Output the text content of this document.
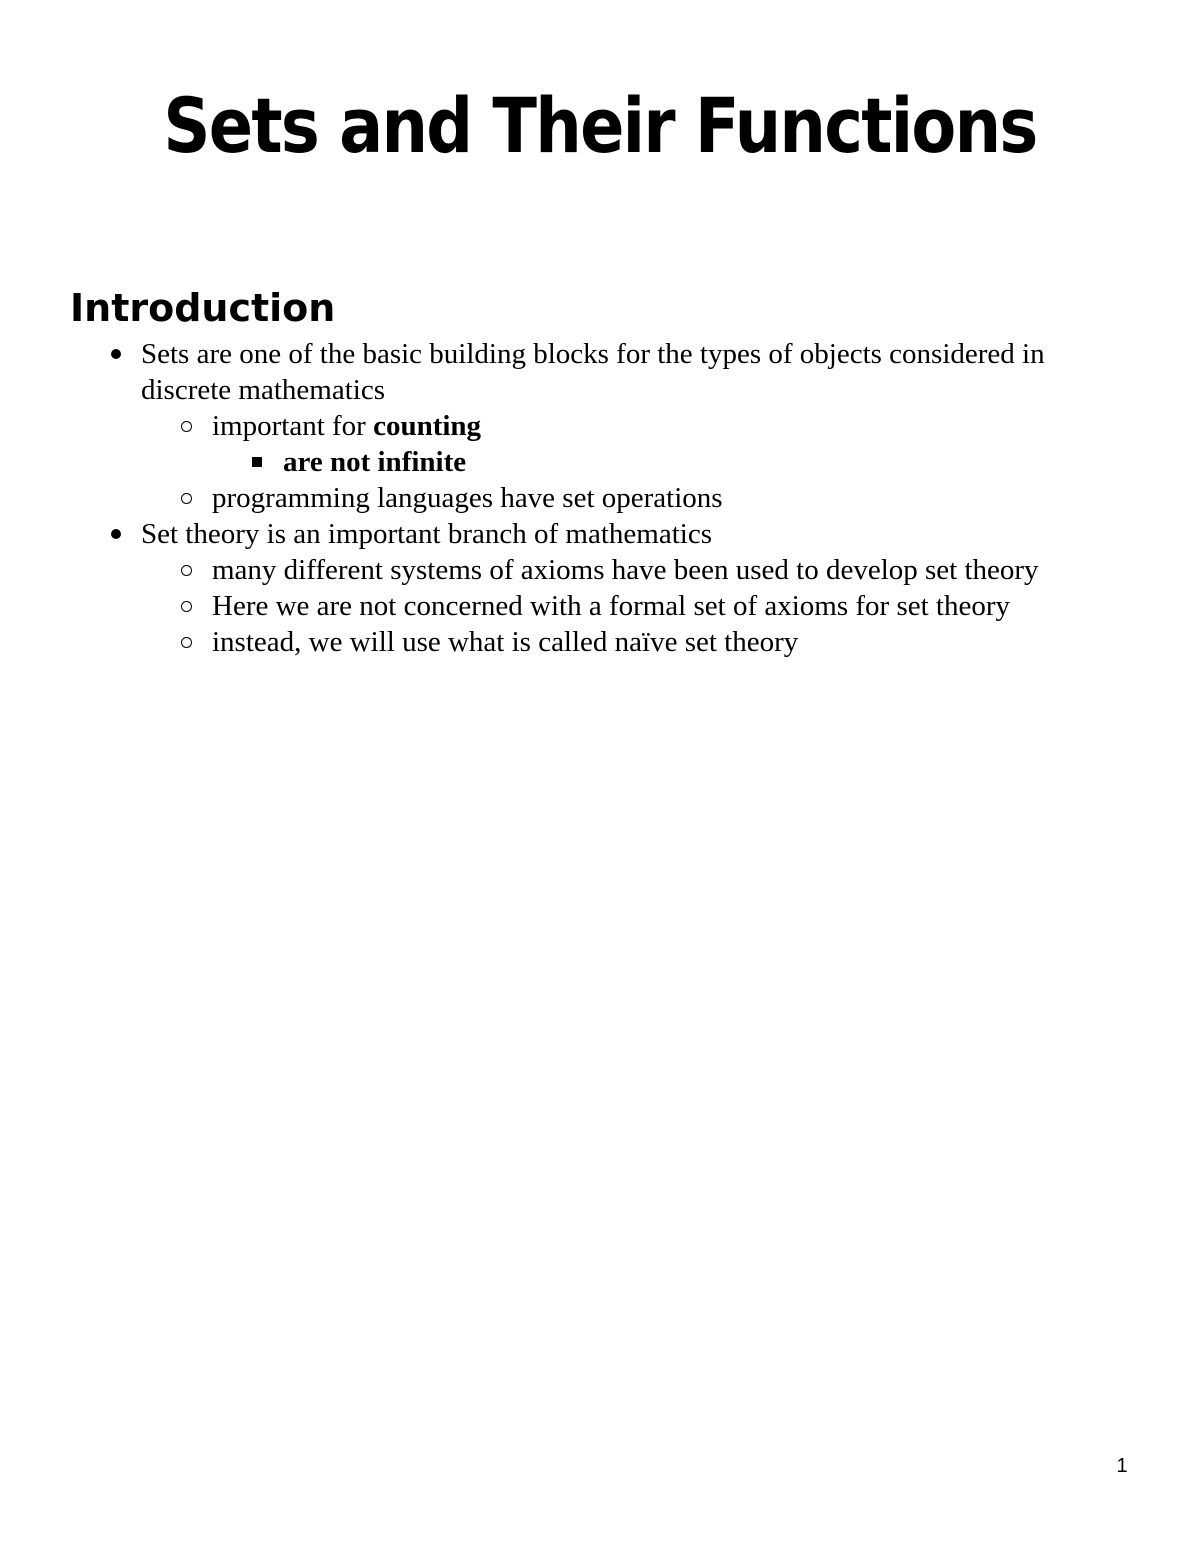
Sets and Their Functions
Introduction
Sets are one of the basic building blocks for the types of objects considered in discrete mathematics
important for counting
are not infinite
programming languages have set operations
Set theory is an important branch of mathematics
many different systems of axioms have been used to develop set theory
Here we are not concerned with a formal set of axioms for set theory
instead, we will use what is called naïve set theory
1
